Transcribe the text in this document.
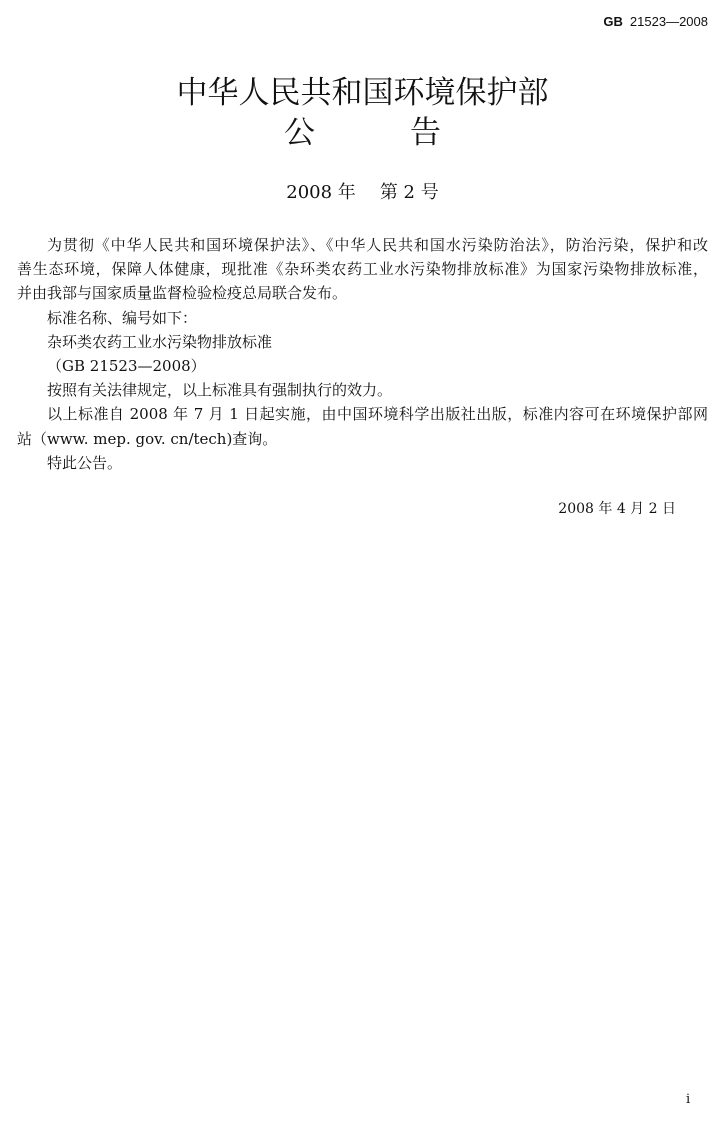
GB 21523—2008
中华人民共和国环境保护部
公告
2008 年 第 2 号
为贯彻《中华人民共和国环境保护法》、《中华人民共和国水污染防治法》，防治污染，保护和改
善生态环境，保障人体健康，现批准《杂环类农药工业水污染物排放标准》为国家污染物排放标准，
并由我部与国家质量监督检验检疫总局联合发布。
标准名称、编号如下：
杂环类农药工业水污染物排放标准
（GB 21523—2008）
按照有关法律规定，以上标准具有强制执行的效力。
以上标准自 2008 年 7 月 1 日起实施，由中国环境科学出版社出版，标准内容可在环境保护部网
站（www. mep. gov. cn/tech)查询。
特此公告。
2008 年 4 月 2 日
i
